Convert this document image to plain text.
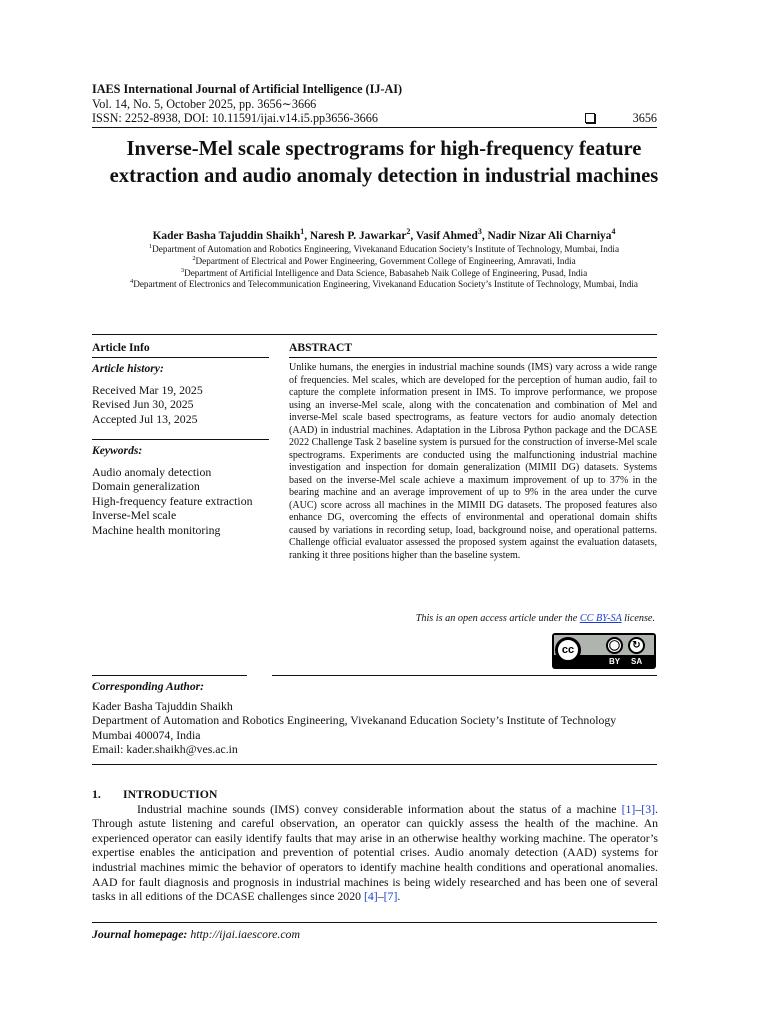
IAES International Journal of Artificial Intelligence (IJ-AI)
Vol. 14, No. 5, October 2025, pp. 3656∼3666
ISSN: 2252-8938, DOI: 10.11591/ijai.v14.i5.pp3656-3666	3656
Inverse-Mel scale spectrograms for high-frequency feature extraction and audio anomaly detection in industrial machines
Kader Basha Tajuddin Shaikh$^1$, Naresh P. Jawarkar$^2$, Vasif Ahmed$^3$, Nadir Nizar Ali Charniya$^4$
$^1$Department of Automation and Robotics Engineering, Vivekanand Education Society’s Institute of Technology, Mumbai, India
$^2$Department of Electrical and Power Engineering, Government College of Engineering, Amravati, India
$^3$Department of Artificial Intelligence and Data Science, Babasaheb Naik College of Engineering, Pusad, India
$^4$Department of Electronics and Telecommunication Engineering, Vivekanand Education Society’s Institute of Technology, Mumbai, India
Article Info	ABSTRACT
Article history:
Received Mar 19, 2025
Revised Jun 30, 2025
Accepted Jul 13, 2025
Keywords:
Audio anomaly detection
Domain generalization
High-frequency feature extraction
Inverse-Mel scale
Machine health monitoring

Unlike humans, the energies in industrial machine sounds (IMS) vary across a wide range of frequencies. Mel scales, which are developed for the perception of human audio, fail to capture the complete information present in IMS. To improve performance, we propose using an inverse-Mel scale, along with the concatenation and combination of Mel and inverse-Mel scale based spectrograms, as feature vectors for audio anomaly detection (AAD) in industrial machines. Adaptation in the Librosa Python package and the DCASE 2022 Challenge Task 2 baseline system is pursued for the construction of inverse-Mel scale spectrograms. Experiments are conducted using the malfunctioning industrial machine investigation and inspection for domain generalization (MIMII DG) datasets. Systems based on the inverse-Mel scale achieve a maximum improvement of up to 37% in the bearing machine and an average improvement of up to 9% in the area under the curve (AUC) score across all machines in the MIMII DG datasets. The proposed features also enhance DG, overcoming the effects of environmental and operational domain shifts caused by variations in recording setup, load, background noise, and operational patterns. Challenge official evaluator assessed the proposed system against the evaluation datasets, ranking it three positions higher than the baseline system.

This is an open access article under the CC BY-SA license.
cc	◯	↻
BY SA
Corresponding Author:
Kader Basha Tajuddin Shaikh
Department of Automation and Robotics Engineering, Vivekanand Education Society’s Institute of Technology
Mumbai 400074, India
Email: kader.shaikh@ves.ac.in
1. INTRODUCTION

Industrial machine sounds (IMS) convey considerable information about the status of a machine [1]–[3]. Through astute listening and careful observation, an operator can quickly assess the health of the machine. An experienced operator can easily identify faults that may arise in an otherwise healthy working machine. The operator’s expertise enables the anticipation and prevention of potential crises. Audio anomaly detection (AAD) systems for industrial machines mimic the behavior of operators to identify machine health conditions and operational anomalies. AAD for fault diagnosis and prognosis in industrial machines is being widely researched and has been one of several tasks in all editions of the DCASE challenges since 2020 [4]–[7].

Journal homepage: http://ijai.iaescore.com
